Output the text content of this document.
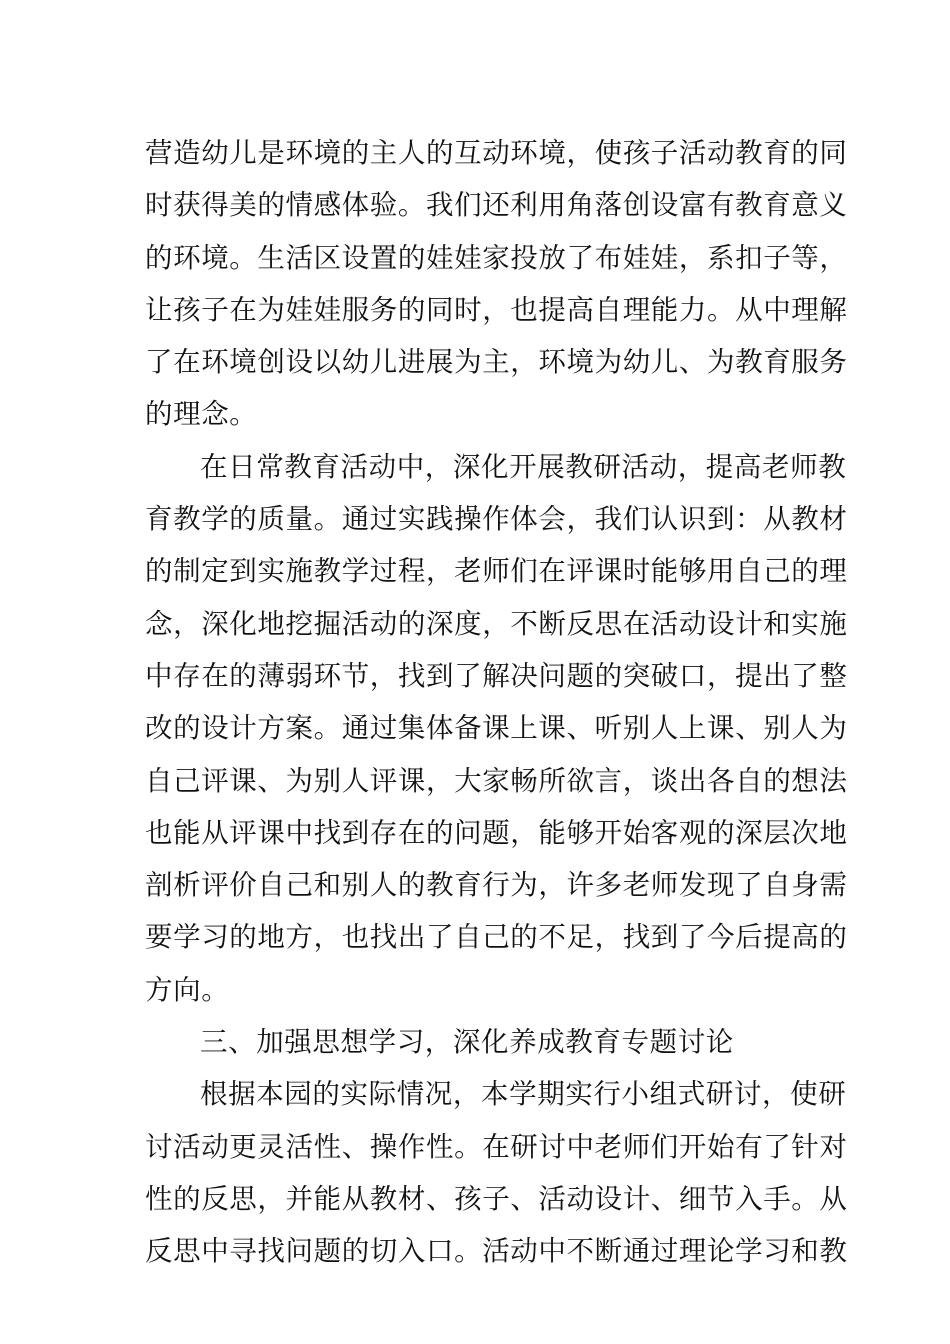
营造幼儿是环境的主人的互动环境，使孩子活动教育的同
时获得美的情感体验。我们还利用角落创设富有教育意义
的环境。生活区设置的娃娃家投放了布娃娃，系扣子等，
让孩子在为娃娃服务的同时，也提高自理能力。从中理解
了在环境创设以幼儿进展为主，环境为幼儿、为教育服务
的理念。
在日常教育活动中，深化开展教研活动，提高老师教
育教学的质量。通过实践操作体会，我们认识到：从教材
的制定到实施教学过程，老师们在评课时能够用自己的理
念，深化地挖掘活动的深度，不断反思在活动设计和实施
中存在的薄弱环节，找到了解决问题的突破口，提出了整
改的设计方案。通过集体备课上课、听别人上课、别人为
自己评课、为别人评课，大家畅所欲言，谈出各自的想法
也能从评课中找到存在的问题，能够开始客观的深层次地
剖析评价自己和别人的教育行为，许多老师发现了自身需
要学习的地方，也找出了自己的不足，找到了今后提高的
方向。
三、加强思想学习，深化养成教育专题讨论
根据本园的实际情况，本学期实行小组式研讨，使研
讨活动更灵活性、操作性。在研讨中老师们开始有了针对
性的反思，并能从教材、孩子、活动设计、细节入手。从
反思中寻找问题的切入口。活动中不断通过理论学习和教
